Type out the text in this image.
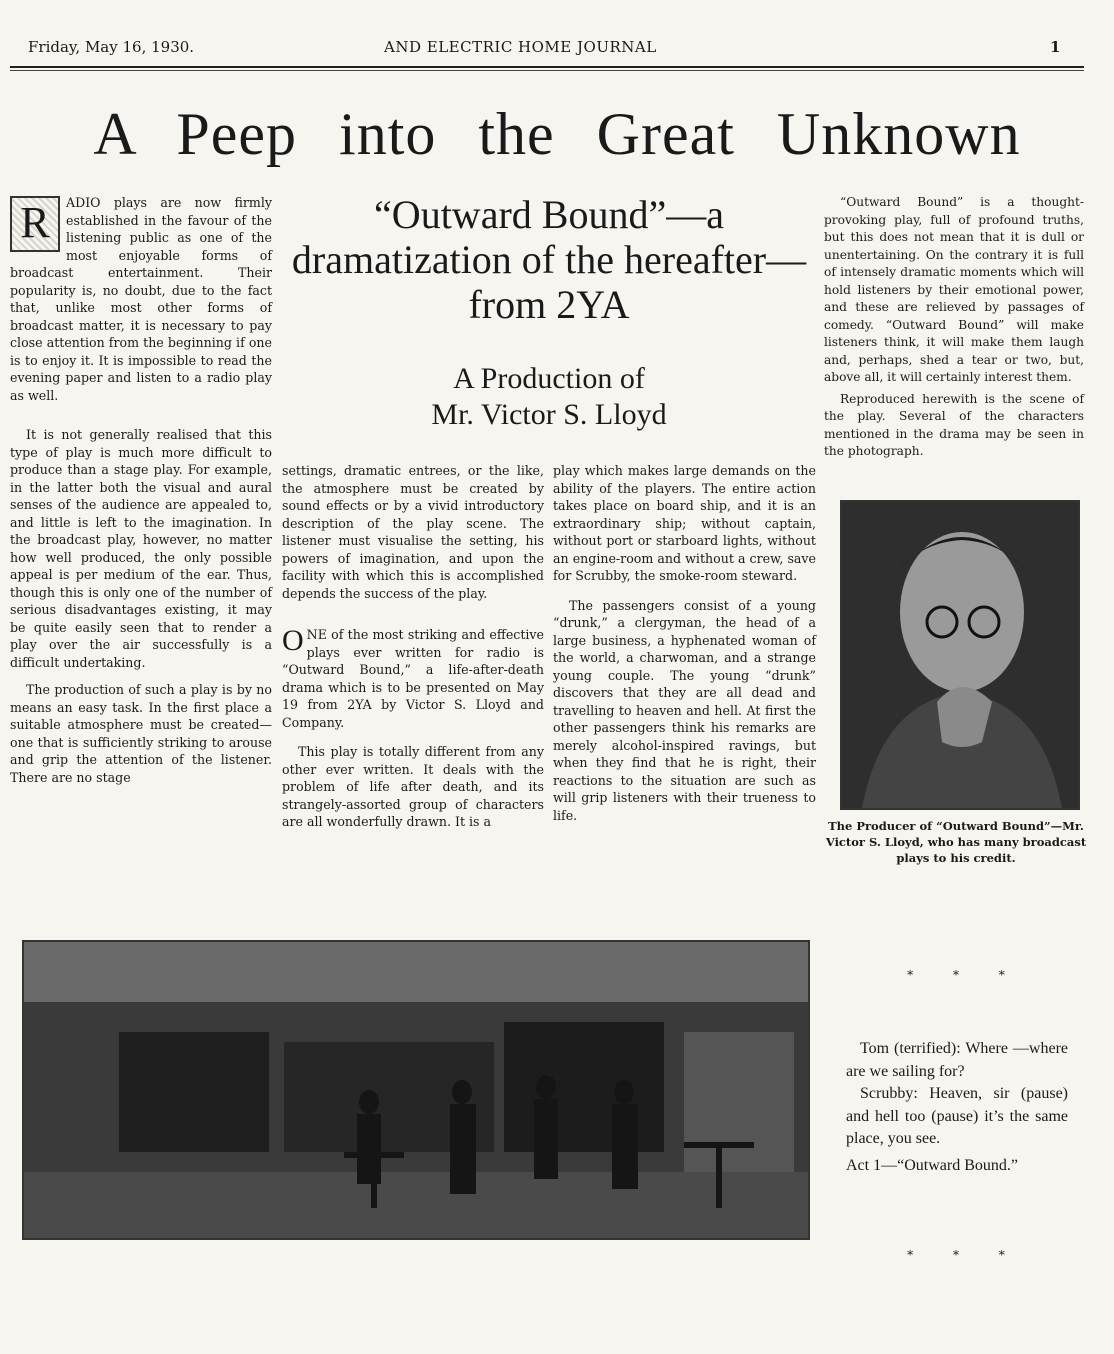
Friday, May 16, 1930.	AND ELECTRIC HOME JOURNAL	1
A Peep into the Great Unknown
R	ADIO plays are now firmly established in the favour of the listening public as one of the most enjoyable forms of broadcast entertainment. Their popularity is, no doubt, due to the fact that, unlike most other forms of broadcast matter, it is necessary to pay close attention from the beginning if one is to enjoy it. It is impossible to read the evening paper and listen to a radio play as well.

It is not generally realised that this type of play is much more difficult to produce than a stage play. For example, in the latter both the visual and aural senses of the audience are appealed to, and little is left to the imagination. In the broadcast play, however, no matter how well produced, the only possible appeal is per medium of the ear. Thus, though this is only one of the number of serious disadvantages existing, it may be quite easily seen that to render a play over the air successfully is a difficult undertaking.

The production of such a play is by no means an easy task. In the first place a suitable atmosphere must be created—one that is sufficiently striking to arouse and grip the attention of the listener. There are no stage

“Outward Bound”—a dramatization of the hereafter—from 2YA
A Production of
Mr. Victor S. Lloyd

settings, dramatic entrees, or the like, the atmosphere must be created by sound effects or by a vivid introductory description of the play scene. The listener must visualise the setting, his powers of imagination, and upon the facility with which this is accomplished depends the success of the play.

O NE of the most striking and effective plays ever written for radio is “Outward Bound,” a life-after-death drama which is to be presented on May 19 from 2YA by Victor S. Lloyd and Company.

This play is totally different from any other ever written. It deals with the problem of life after death, and its strangely-assorted group of characters are all wonderfully drawn. It is a

play which makes large demands on the ability of the players. The entire action takes place on board ship, and it is an extraordinary ship; without captain, without port or starboard lights, without an engine-room and without a crew, save for Scrubby, the smoke-room steward.

The passengers consist of a young “drunk,” a clergyman, the head of a large business, a hyphenated woman of the world, a charwoman, and a strange young couple. The young “drunk” discovers that they are all dead and travelling to heaven and hell. At first the other passengers think his remarks are merely alcohol-inspired ravings, but when they find that he is right, their reactions to the situation are such as will grip listeners with their trueness to life.

“Outward Bound” is a thought-provoking play, full of profound truths, but this does not mean that it is dull or unentertaining. On the contrary it is full of intensely dramatic moments which will hold listeners by their emotional power, and these are relieved by passages of comedy. “Outward Bound” will make listeners think, it will make them laugh and, perhaps, shed a tear or two, but, above all, it will certainly interest them.

Reproduced herewith is the scene of the play. Several of the characters mentioned in the drama may be seen in the photograph.

The Producer of “Outward Bound”—Mr. Victor S. Lloyd, who has many broadcast plays to his credit.
* * *

Tom (terrified): Where —where are we sailing for?

Scrubby: Heaven, sir (pause) and hell too (pause) it’s the same place, you see.

Act 1—“Outward Bound.”

* * *
